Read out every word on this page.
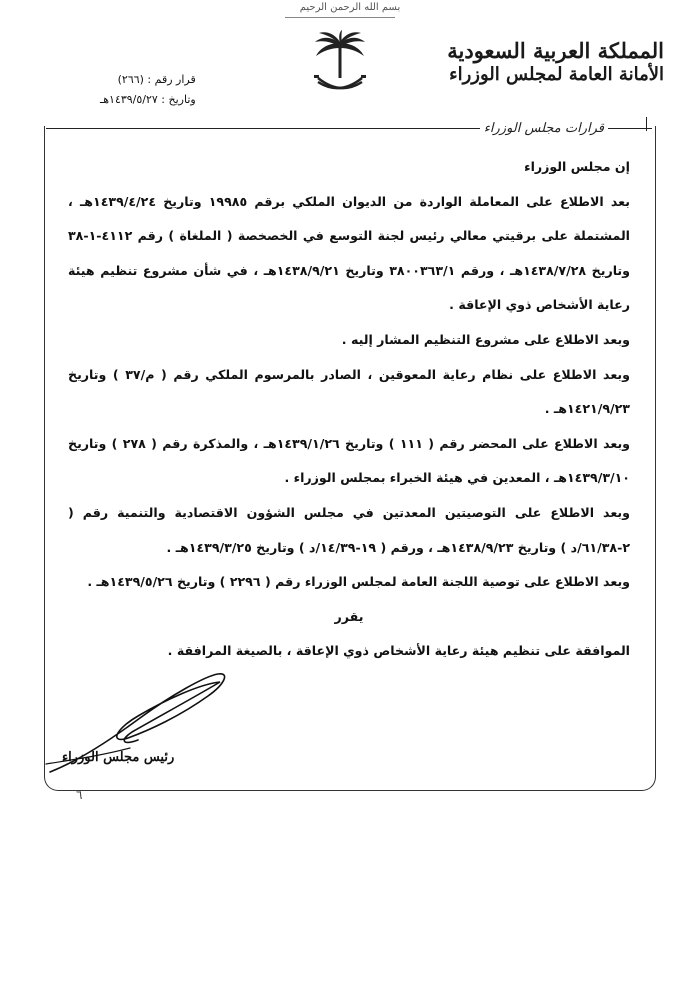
بسم الله الرحمن الرحيم
المملكة العربية السعودية
الأمانة العامة لمجلس الوزراء
قرار رقم : (٢٦٦)
وتاريخ : ١٤٣٩/٥/٢٧هـ
قرارات مجلس الوزراء

إن مجلس الوزراء

بعد الاطلاع على المعاملة الواردة من الديوان الملكي برقم ١٩٩٨٥ وتاريخ ١٤٣٩/٤/٢٤هـ ، المشتملة على برقيتي معالي رئيس لجنة التوسع في الخصخصة ( الملغاة ) رقم ٤١١٢-١-٣٨ وتاريخ ١٤٣٨/٧/٢٨هـ ، ورقم ٣٨٠٠٣٦٣/١ وتاريخ ١٤٣٨/٩/٢١هـ ، في شأن مشروع تنظيم هيئة رعاية الأشخاص ذوي الإعاقة .

وبعد الاطلاع على مشروع التنظيم المشار إليه .

وبعد الاطلاع على نظام رعاية المعوقين ، الصادر بالمرسوم الملكي رقم ( م/٣٧ ) وتاريخ ١٤٢١/٩/٢٣هـ .

وبعد الاطلاع على المحضر رقم ( ١١١ ) وتاريخ ١٤٣٩/١/٢٦هـ ، والمذكرة رقم ( ٢٧٨ ) وتاريخ ١٤٣٩/٣/١٠هـ ، المعدين في هيئة الخبراء بمجلس الوزراء .

وبعد الاطلاع على التوصيتين المعدتين في مجلس الشؤون الاقتصادية والتنمية رقم ( ٢-٦١/٣٨/د ) وتاريخ ١٤٣٨/٩/٢٣هـ ، ورقم ( ١٩-١٤/٣٩/د ) وتاريخ ١٤٣٩/٣/٢٥هـ .

وبعد الاطلاع على توصية اللجنة العامة لمجلس الوزراء رقم ( ٢٢٩٦ ) وتاريخ ١٤٣٩/٥/٢٦هـ .

يقرر

الموافقة على تنظيم هيئة رعاية الأشخاص ذوي الإعاقة ، بالصيغة المرافقة .

رئيس مجلس الوزراء
٦
